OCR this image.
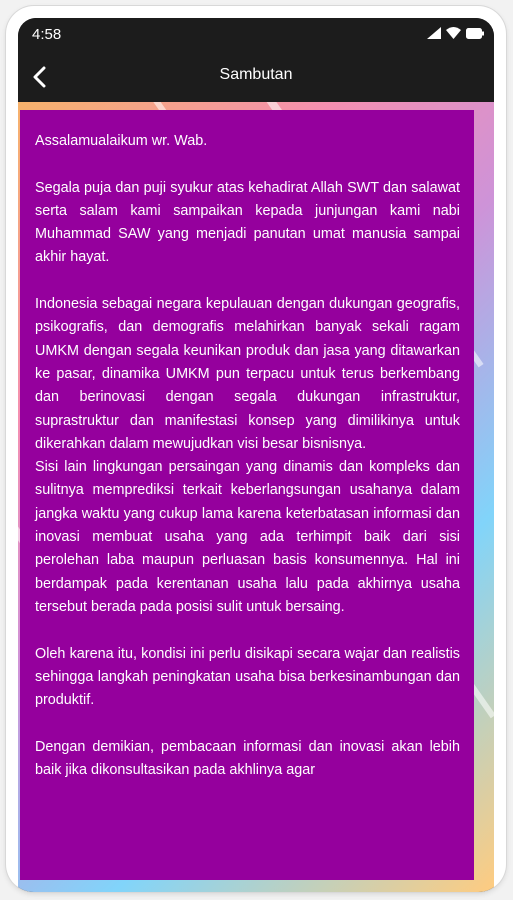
4:58
Sambutan

Assalamualaikum wr. Wab.

Segala puja dan puji syukur atas kehadirat Allah SWT dan salawat serta salam kami sampaikan kepada junjungan kami nabi Muhammad SAW yang menjadi panutan umat manusia sampai akhir hayat.

Indonesia sebagai negara kepulauan dengan dukungan geografis, psikografis, dan demografis melahirkan banyak sekali ragam UMKM dengan segala keunikan produk dan jasa yang ditawarkan ke pasar, dinamika UMKM pun terpacu untuk terus berkembang dan berinovasi dengan segala dukungan infrastruktur, suprastruktur dan manifestasi konsep yang dimilikinya untuk dikerahkan dalam mewujudkan visi besar bisnisnya.

Sisi lain lingkungan persaingan yang dinamis dan kompleks dan sulitnya memprediksi terkait keberlangsungan usahanya dalam jangka waktu yang cukup lama karena keterbatasan informasi dan inovasi membuat usaha yang ada terhimpit baik dari sisi perolehan laba maupun perluasan basis konsumennya. Hal ini berdampak pada kerentanan usaha lalu pada akhirnya usaha tersebut berada pada posisi sulit untuk bersaing.

Oleh karena itu, kondisi ini perlu disikapi secara wajar dan realistis sehingga langkah peningkatan usaha bisa berkesinambungan dan produktif.

Dengan demikian, pembacaan informasi dan inovasi akan lebih baik jika dikonsultasikan pada akhlinya agar
